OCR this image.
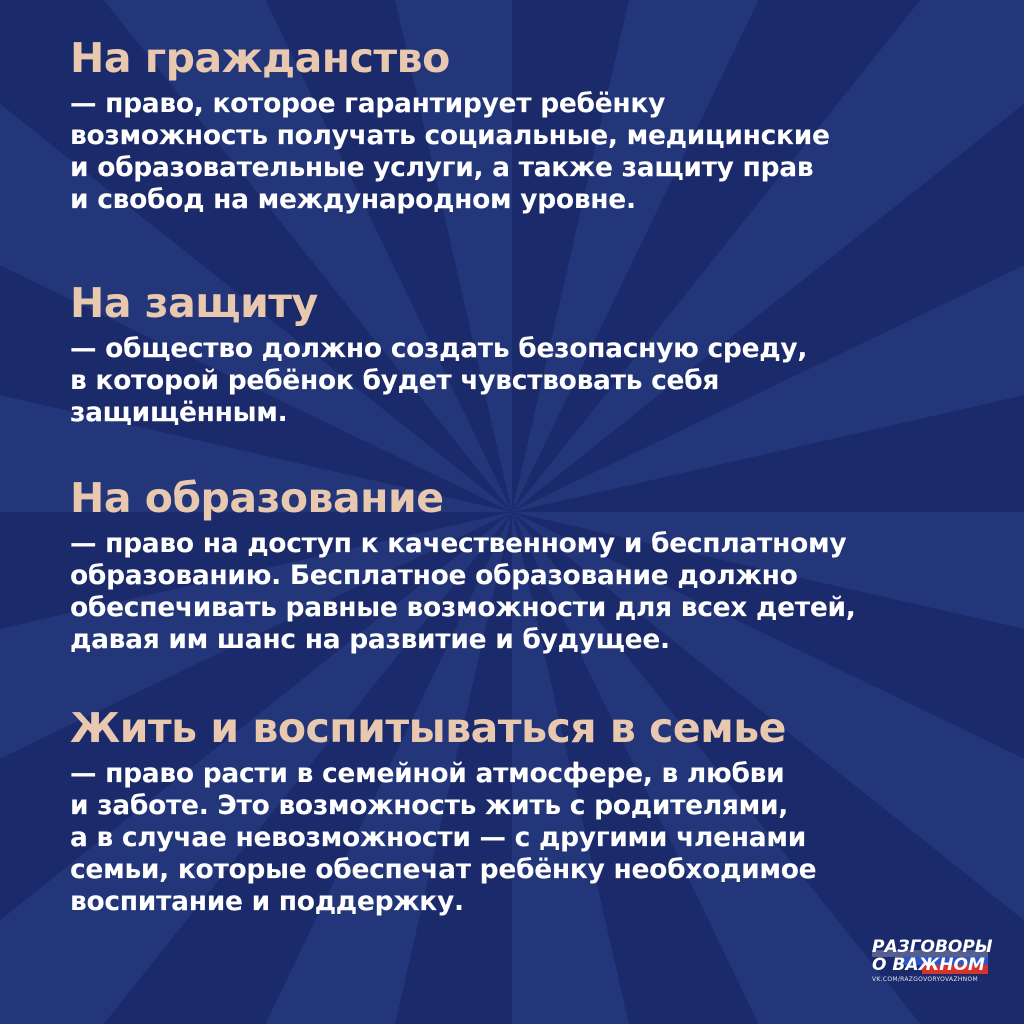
На гражданство

— право, которое гарантирует ребёнку
возможность получать социальные, медицинские
и образовательные услуги, а также защиту прав
и свобод на международном уровне.

На защиту

— общество должно создать безопасную среду,
в которой ребёнок будет чувствовать себя
защищённым.

На образование

— право на доступ к качественному и бесплатному
образованию. Бесплатное образование должно
обеспечивать равные возможности для всех детей,
давая им шанс на развитие и будущее.

Жить и воспитываться в семье

— право расти в семейной атмосфере, в любви
и заботе. Это возможность жить с родителями,
а в случае невозможности — с другими членами
семьи, которые обеспечат ребёнку необходимое
воспитание и поддержку.

РАЗГОВОРЫ
О ВАЖНОМ
VK.COM/RAZGOVORYOVAZHNOM
